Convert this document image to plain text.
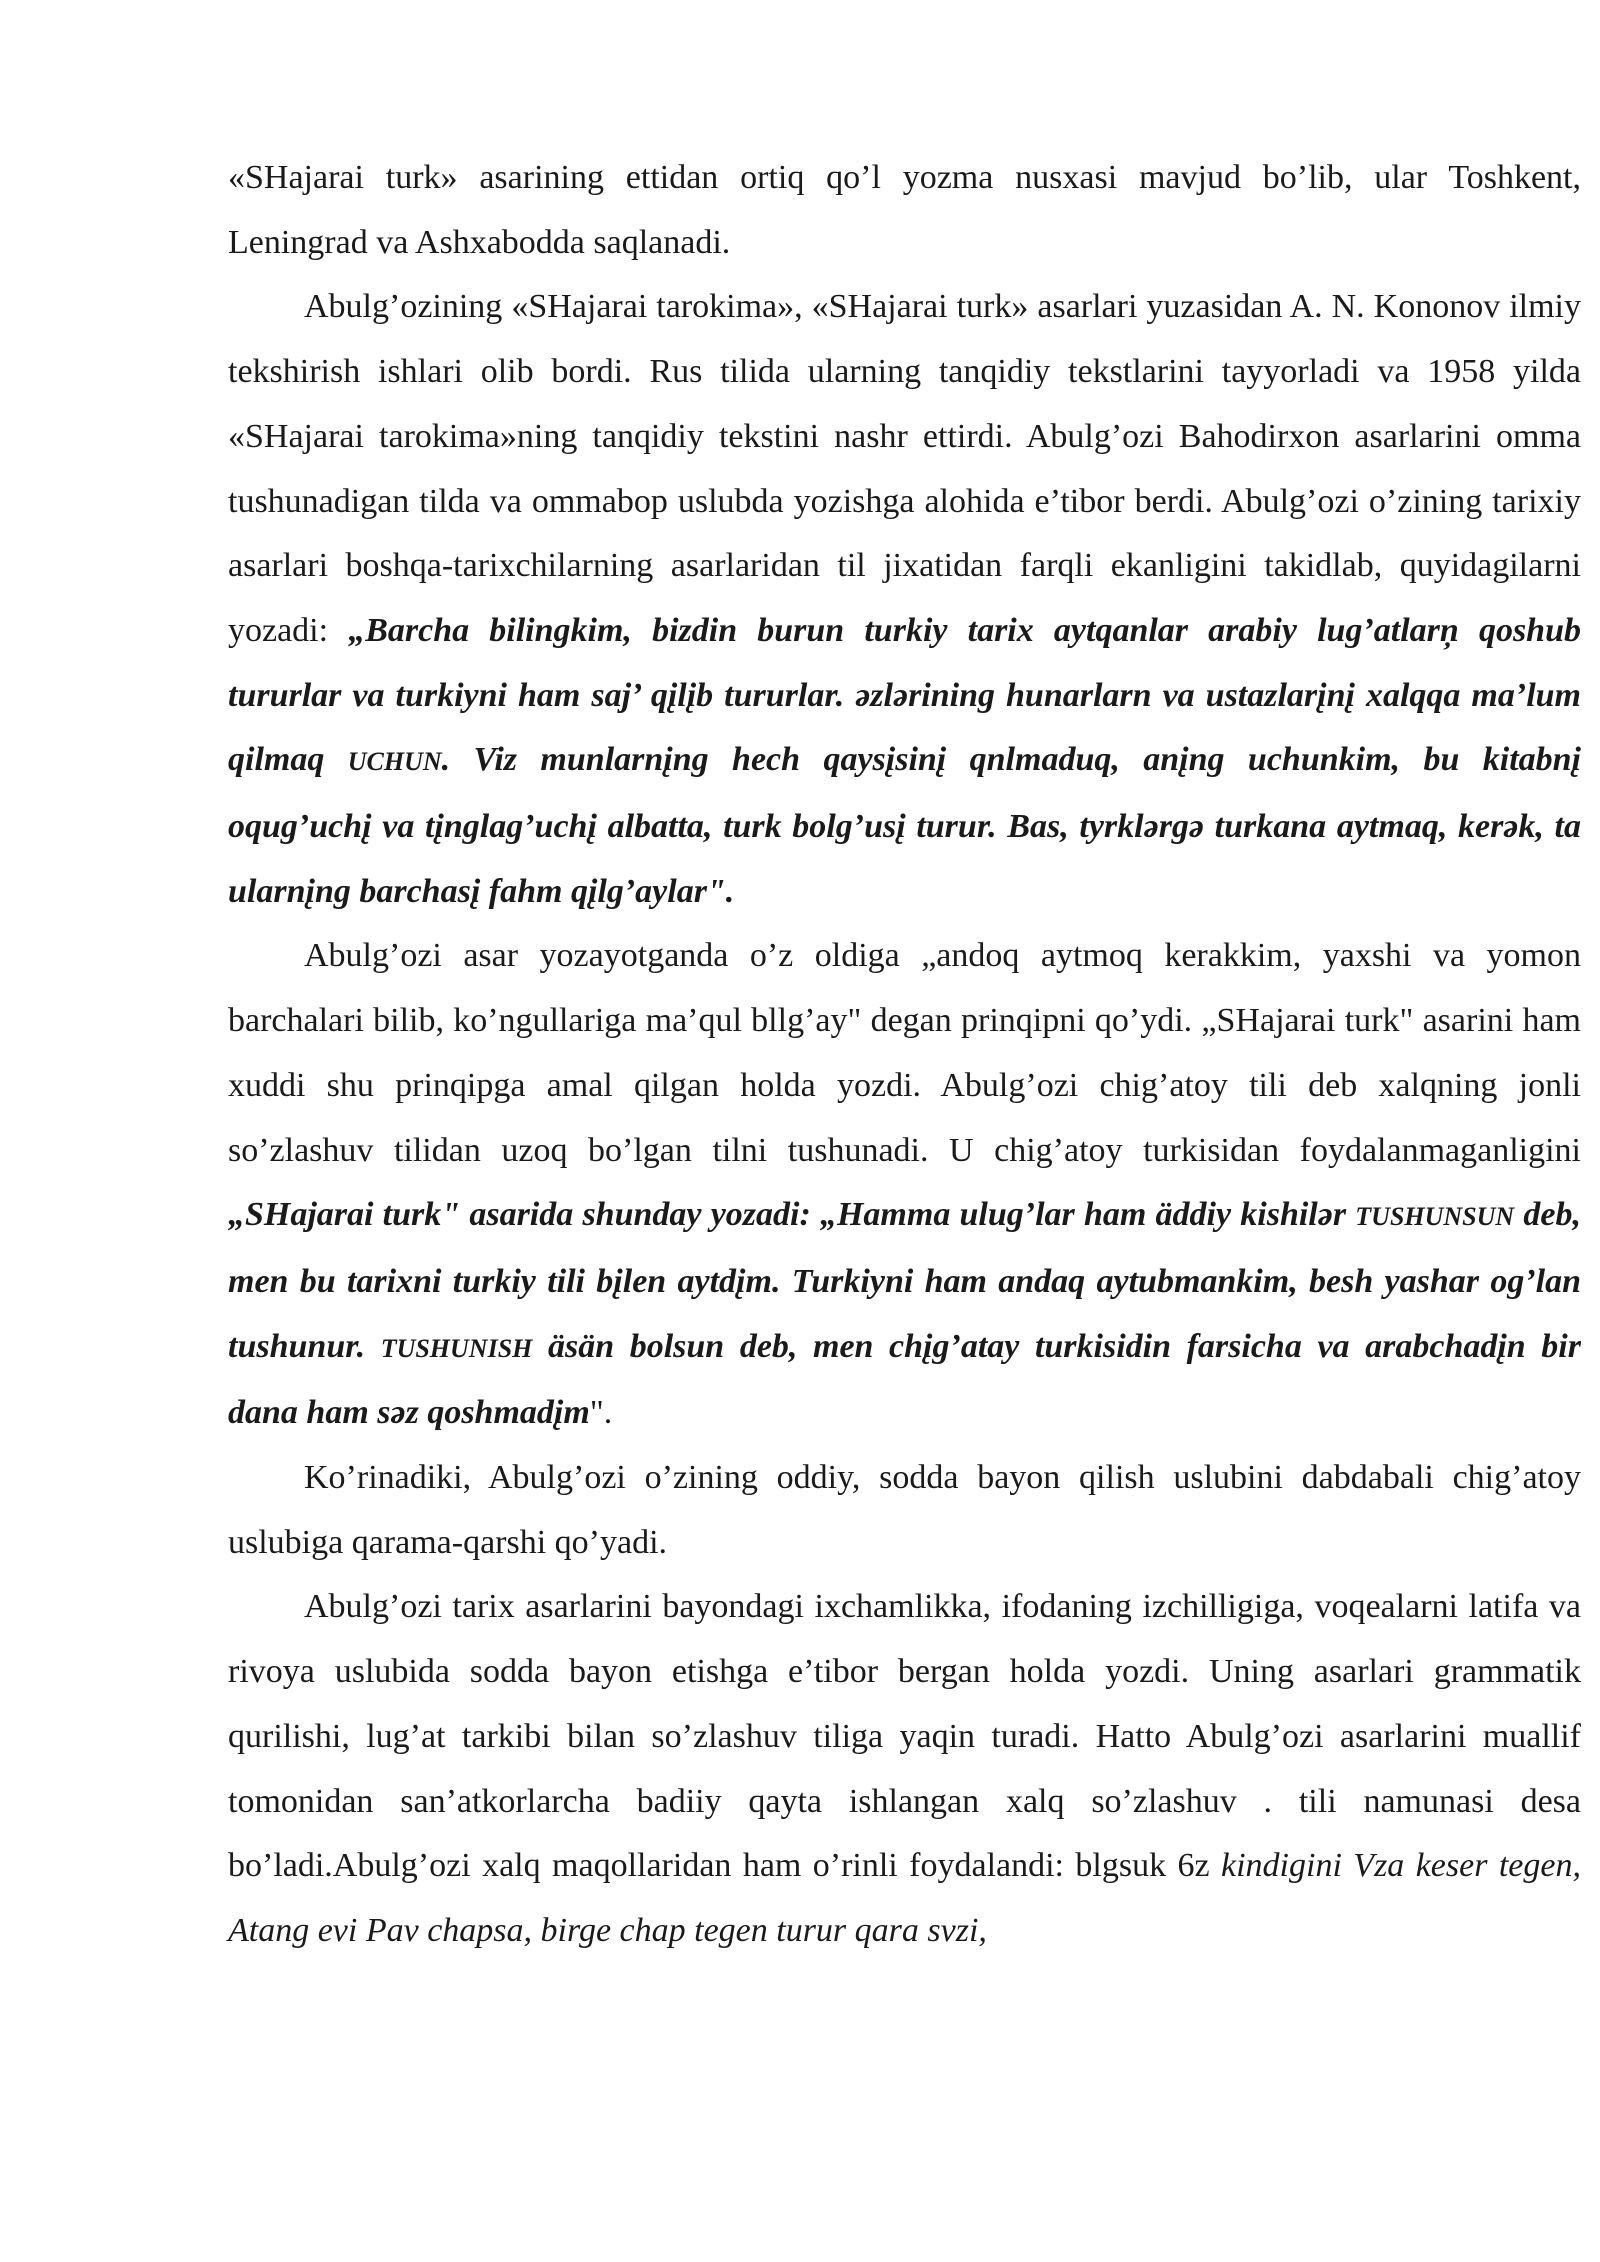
«SHajarai turk» asarining ettidan ortiq qo’l yozma nusxasi mavjud bo’lib, ular Toshkent, Leningrad va Ashxabodda saqlanadi.

Abulg’ozining «SHajarai tarokima», «SHajarai turk» asarlari yuzasidan A. N. Kononov ilmiy tekshirish ishlari olib bordi. Rus tilida ularning tanqidiy tekstlarini tayyorladi va 1958 yilda «SHajarai tarokima»ning tanqidiy tekstini nashr ettirdi. Abulg’ozi Bahodirxon asarlarini omma tushunadigan tilda va ommabop uslubda yozishga alohida e’tibor berdi. Abulg’ozi o’zining tarixiy asarlari boshqa-tarixchilarning asarlaridan til jixatidan farqli ekanligini takidlab, quyidagilarni yozadi: „Barcha bilingkim, bizdin burun turkiy tarix aytqanlar arabiy lug’atlarņ qoshub tururlar va turkiyni ham saj’ qįlįb tururlar. əzlərining hunarlarn va ustazlarįnį xalqqa ma’lum qilmaq UCHUN. Viz munlarnįng hech qaysįsinį qnlmaduq, anįng uchunkim, bu kitabnį oqug’uchį va tįnglag’uchį albatta, turk bolg’usį turur. Bas, tyrklərgə turkana aytmaq, kerək, ta ularnįng barchasį fahm qįlg’aylar".

Abulg’ozi asar yozayotganda o’z oldiga „andoq aytmoq kerakkim, yaxshi va yomon barchalari bilib, ko’ngullariga ma’qul bllg’ay" degan prinqipni qo’ydi. „SHajarai turk" asarini ham xuddi shu prinqipga amal qilgan holda yozdi. Abulg’ozi chig’atoy tili deb xalqning jonli so’zlashuv tilidan uzoq bo’lgan tilni tushunadi. U chig’atoy turkisidan foydalanmaganligini „SHajarai turk" asarida shunday yozadi: „Hamma ulug’lar ham äddiy kishilər TUSHUNSUN deb, men bu tarixni turkiy tili bįlen aytdįm. Turkiyni ham andaq aytubmankim, besh yashar og’lan tushunur. TUSHUNISH äsän bolsun deb, men chįg’atay turkisidin farsicha va arabchadįn bir dana ham səz qoshmadįm".

Ko’rinadiki, Abulg’ozi o’zining oddiy, sodda bayon qilish uslubini dabdabali chig’atoy uslubiga qarama-qarshi qo’yadi.

Abulg’ozi tarix asarlarini bayondagi ixchamlikka, ifodaning izchilligiga, voqealarni latifa va rivoya uslubida sodda bayon etishga e’tibor bergan holda yozdi. Uning asarlari grammatik qurilishi, lug’at tarkibi bilan so’zlashuv tiliga yaqin turadi. Hatto Abulg’ozi asarlarini muallif tomonidan san’atkorlarcha badiiy qayta ishlangan xalq so’zlashuv . tili namunasi desa bo’ladi.Abulg’ozi xalq maqollaridan ham o’rinli foydalandi: blgsuk 6z kindigini Vza keser tegen, Atang evi Pav chapsa, birge chap tegen turur qara svzi,
